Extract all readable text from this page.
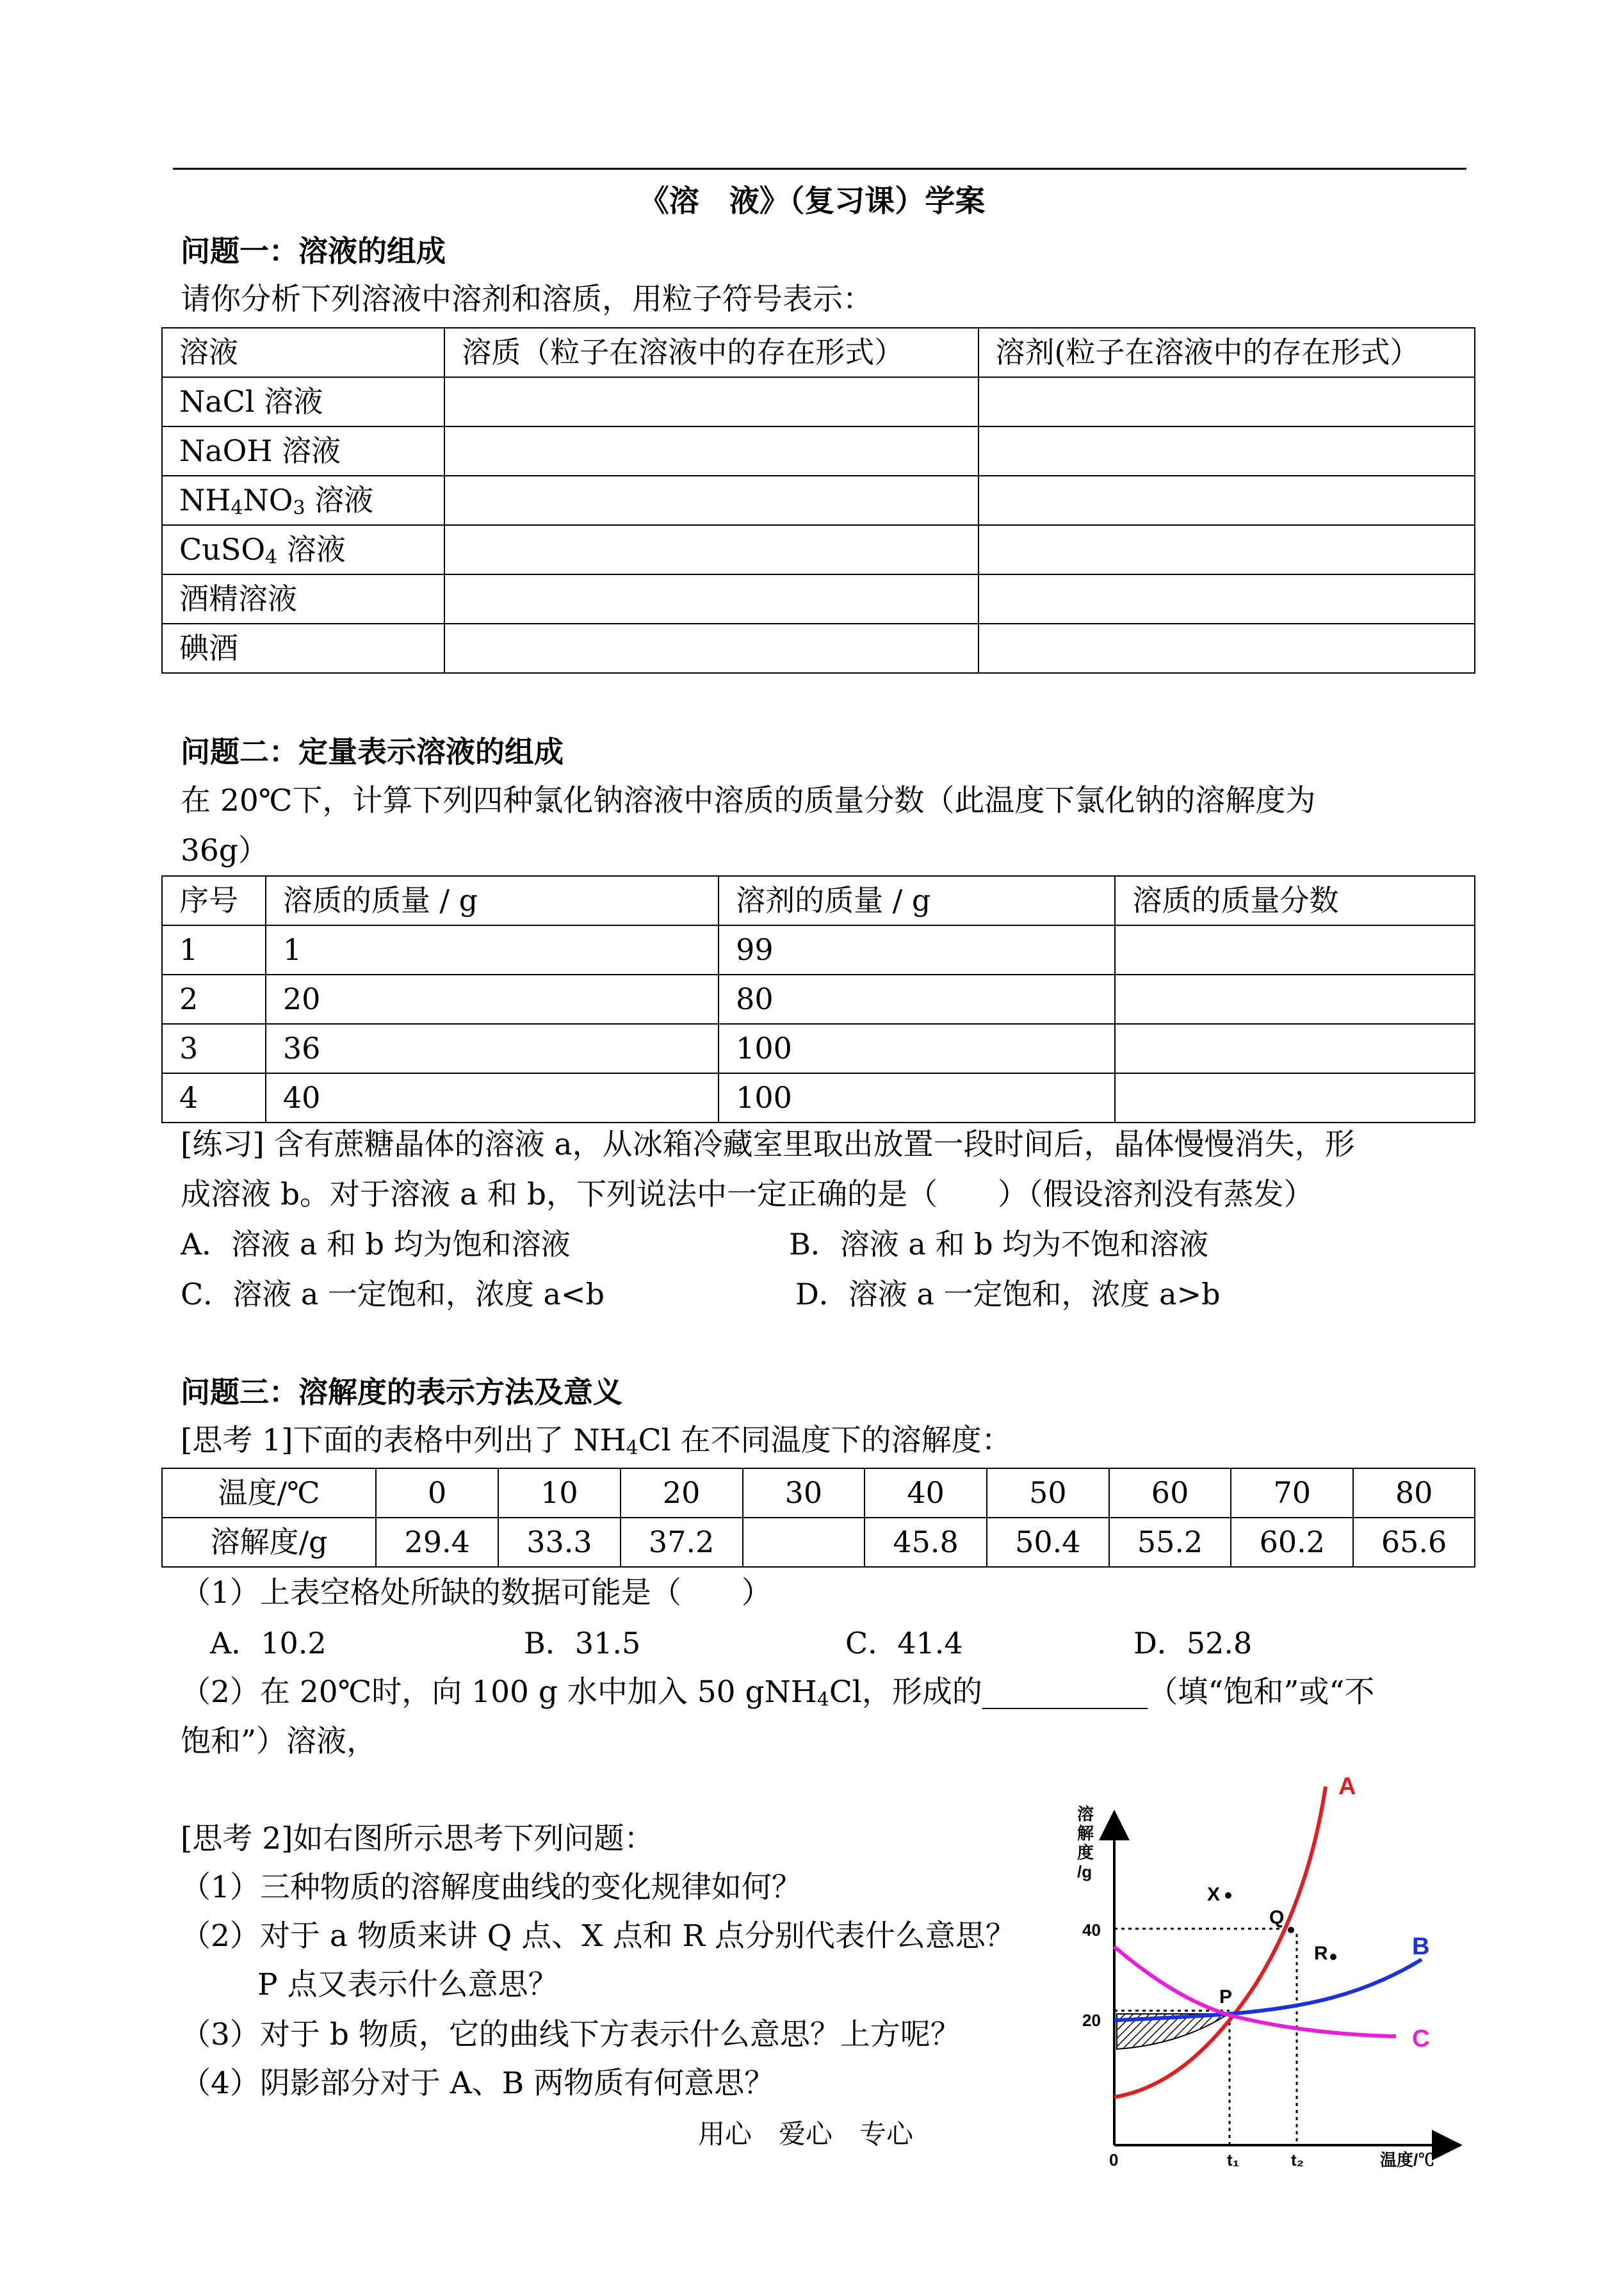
《溶　液》（复习课）学案
问题一：溶液的组成
请你分析下列溶液中溶剂和溶质，用粒子符号表示：
溶液	溶质（粒子在溶液中的存在形式）	溶剂(粒子在溶液中的存在形式）
NaCl 溶液		
NaOH 溶液		
$NH_4NO_3$ 溶液		
CuSO$_4$ 溶液		
酒精溶液		
碘酒		
问题二：定量表示溶液的组成
在 20℃下，计算下列四种氯化钠溶液中溶质的质量分数（此温度下氯化钠的溶解度为
36g）
序号	溶质的质量 / g	溶剂的质量 / g	溶质的质量分数
1	1	99	
2	20	80	
3	36	100	
4	40	100	
[练习] 含有蔗糖晶体的溶液 a，从冰箱冷藏室里取出放置一段时间后，晶体慢慢消失，形
成溶液 b。对于溶液 a 和 b，下列说法中一定正确的是（　　）（假设溶剂没有蒸发）
A．溶液 a 和 b 均为饱和溶液	B．溶液 a 和 b 均为不饱和溶液
C．溶液 a 一定饱和，浓度 a<b	D．溶液 a 一定饱和，浓度 a>b
问题三：溶解度的表示方法及意义
[思考 1]下面的表格中列出了 $NH_4Cl$ 在不同温度下的溶解度：
温度/℃	0	10	20	30	40	50	60	70	80
溶解度/g	29.4	33.3	37.2		45.8	50.4	55.2	60.2	65.6
（1）上表空格处所缺的数据可能是（　　）
A．10.2	B．31.5	C．41.4	D．52.8
（2）在 20℃时，向 100 g 水中加入 50 gNH$_4$Cl，形成的___________（填“饱和”或“不
饱和”）溶液，
[思考 2]如右图所示思考下列问题：
（1）三种物质的溶解度曲线的变化规律如何？
（2）对于 a 物质来讲 Q 点、X 点和 R 点分别代表什么意思？
P 点又表示什么意思？
（3）对于 b 物质，它的曲线下方表示什么意思？上方呢？
（4）阴影部分对于 A、B 两物质有何意思？
用心　爱心　专心
溶
解
度
/g
40
20
0	t₁	t₂	温度/℃
A
B
C
X
Q
R
P
